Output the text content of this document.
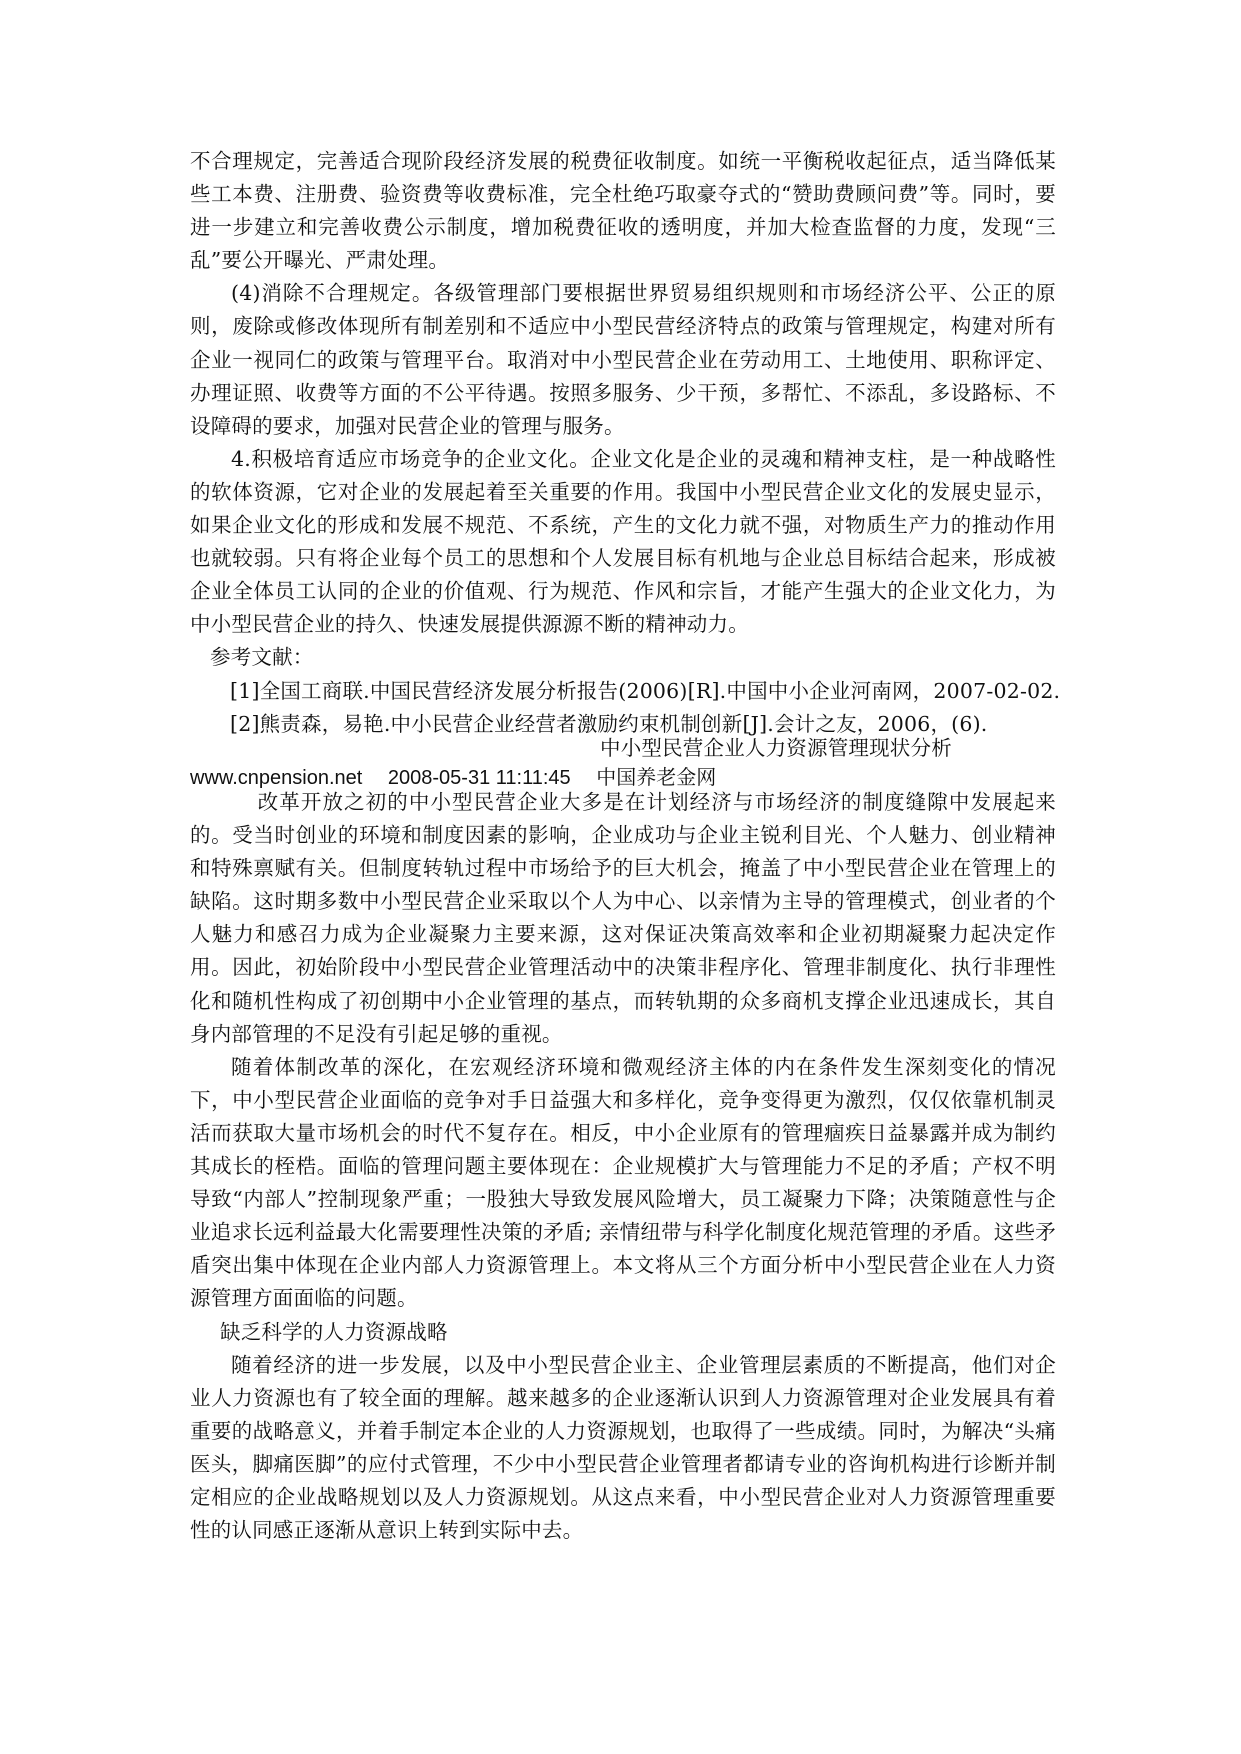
不合理规定，完善适合现阶段经济发展的税费征收制度。如统一平衡税收起征点，适当降低某些工本费、注册费、验资费等收费标准，完全杜绝巧取豪夺式的“赞助费顾问费”等。同时，要进一步建立和完善收费公示制度，增加税费征收的透明度，并加大检查监督的力度，发现“三乱”要公开曝光、严肃处理。

(4)消除不合理规定。各级管理部门要根据世界贸易组织规则和市场经济公平、公正的原则，废除或修改体现所有制差别和不适应中小型民营经济特点的政策与管理规定，构建对所有企业一视同仁的政策与管理平台。取消对中小型民营企业在劳动用工、土地使用、职称评定、办理证照、收费等方面的不公平待遇。按照多服务、少干预，多帮忙、不添乱，多设路标、不设障碍的要求，加强对民营企业的管理与服务。

4.积极培育适应市场竞争的企业文化。企业文化是企业的灵魂和精神支柱，是一种战略性的软体资源，它对企业的发展起着至关重要的作用。我国中小型民营企业文化的发展史显示，如果企业文化的形成和发展不规范、不系统，产生的文化力就不强，对物质生产力的推动作用也就较弱。只有将企业每个员工的思想和个人发展目标有机地与企业总目标结合起来，形成被企业全体员工认同的企业的价值观、行为规范、作风和宗旨，才能产生强大的企业文化力，为中小型民营企业的持久、快速发展提供源源不断的精神动力。

参考文献：

[1]全国工商联.中国民营经济发展分析报告(2006)[R].中国中小企业河南网，2007-02-02.

[2]熊责森，易艳.中小民营企业经营者激励约束机制创新[J].会计之友，2006，(6).

中小型民营企业人力资源管理现状分析
www.cnpension.net 2008-05-31 11:11:45 中国养老金网

改革开放之初的中小型民营企业大多是在计划经济与市场经济的制度缝隙中发展起来的。受当时创业的环境和制度因素的影响，企业成功与企业主锐利目光、个人魅力、创业精神和特殊禀赋有关。但制度转轨过程中市场给予的巨大机会，掩盖了中小型民营企业在管理上的缺陷。这时期多数中小型民营企业采取以个人为中心、以亲情为主导的管理模式，创业者的个人魅力和感召力成为企业凝聚力主要来源，这对保证决策高效率和企业初期凝聚力起决定作用。因此，初始阶段中小型民营企业管理活动中的决策非程序化、管理非制度化、执行非理性化和随机性构成了初创期中小企业管理的基点，而转轨期的众多商机支撑企业迅速成长，其自身内部管理的不足没有引起足够的重视。

随着体制改革的深化，在宏观经济环境和微观经济主体的内在条件发生深刻变化的情况下，中小型民营企业面临的竞争对手日益强大和多样化，竞争变得更为激烈，仅仅依靠机制灵活而获取大量市场机会的时代不复存在。相反，中小企业原有的管理痼疾日益暴露并成为制约其成长的桎梏。面临的管理问题主要体现在：企业规模扩大与管理能力不足的矛盾；产权不明导致“内部人”控制现象严重；一股独大导致发展风险增大，员工凝聚力下降；决策随意性与企业追求长远利益最大化需要理性决策的矛盾; 亲情纽带与科学化制度化规范管理的矛盾。这些矛盾突出集中体现在企业内部人力资源管理上。本文将从三个方面分析中小型民营企业在人力资源管理方面面临的问题。

缺乏科学的人力资源战略

随着经济的进一步发展，以及中小型民营企业主、企业管理层素质的不断提高，他们对企业人力资源也有了较全面的理解。越来越多的企业逐渐认识到人力资源管理对企业发展具有着重要的战略意义，并着手制定本企业的人力资源规划，也取得了一些成绩。同时，为解决“头痛医头，脚痛医脚”的应付式管理，不少中小型民营企业管理者都请专业的咨询机构进行诊断并制定相应的企业战略规划以及人力资源规划。从这点来看，中小型民营企业对人力资源管理重要性的认同感正逐渐从意识上转到实际中去。
